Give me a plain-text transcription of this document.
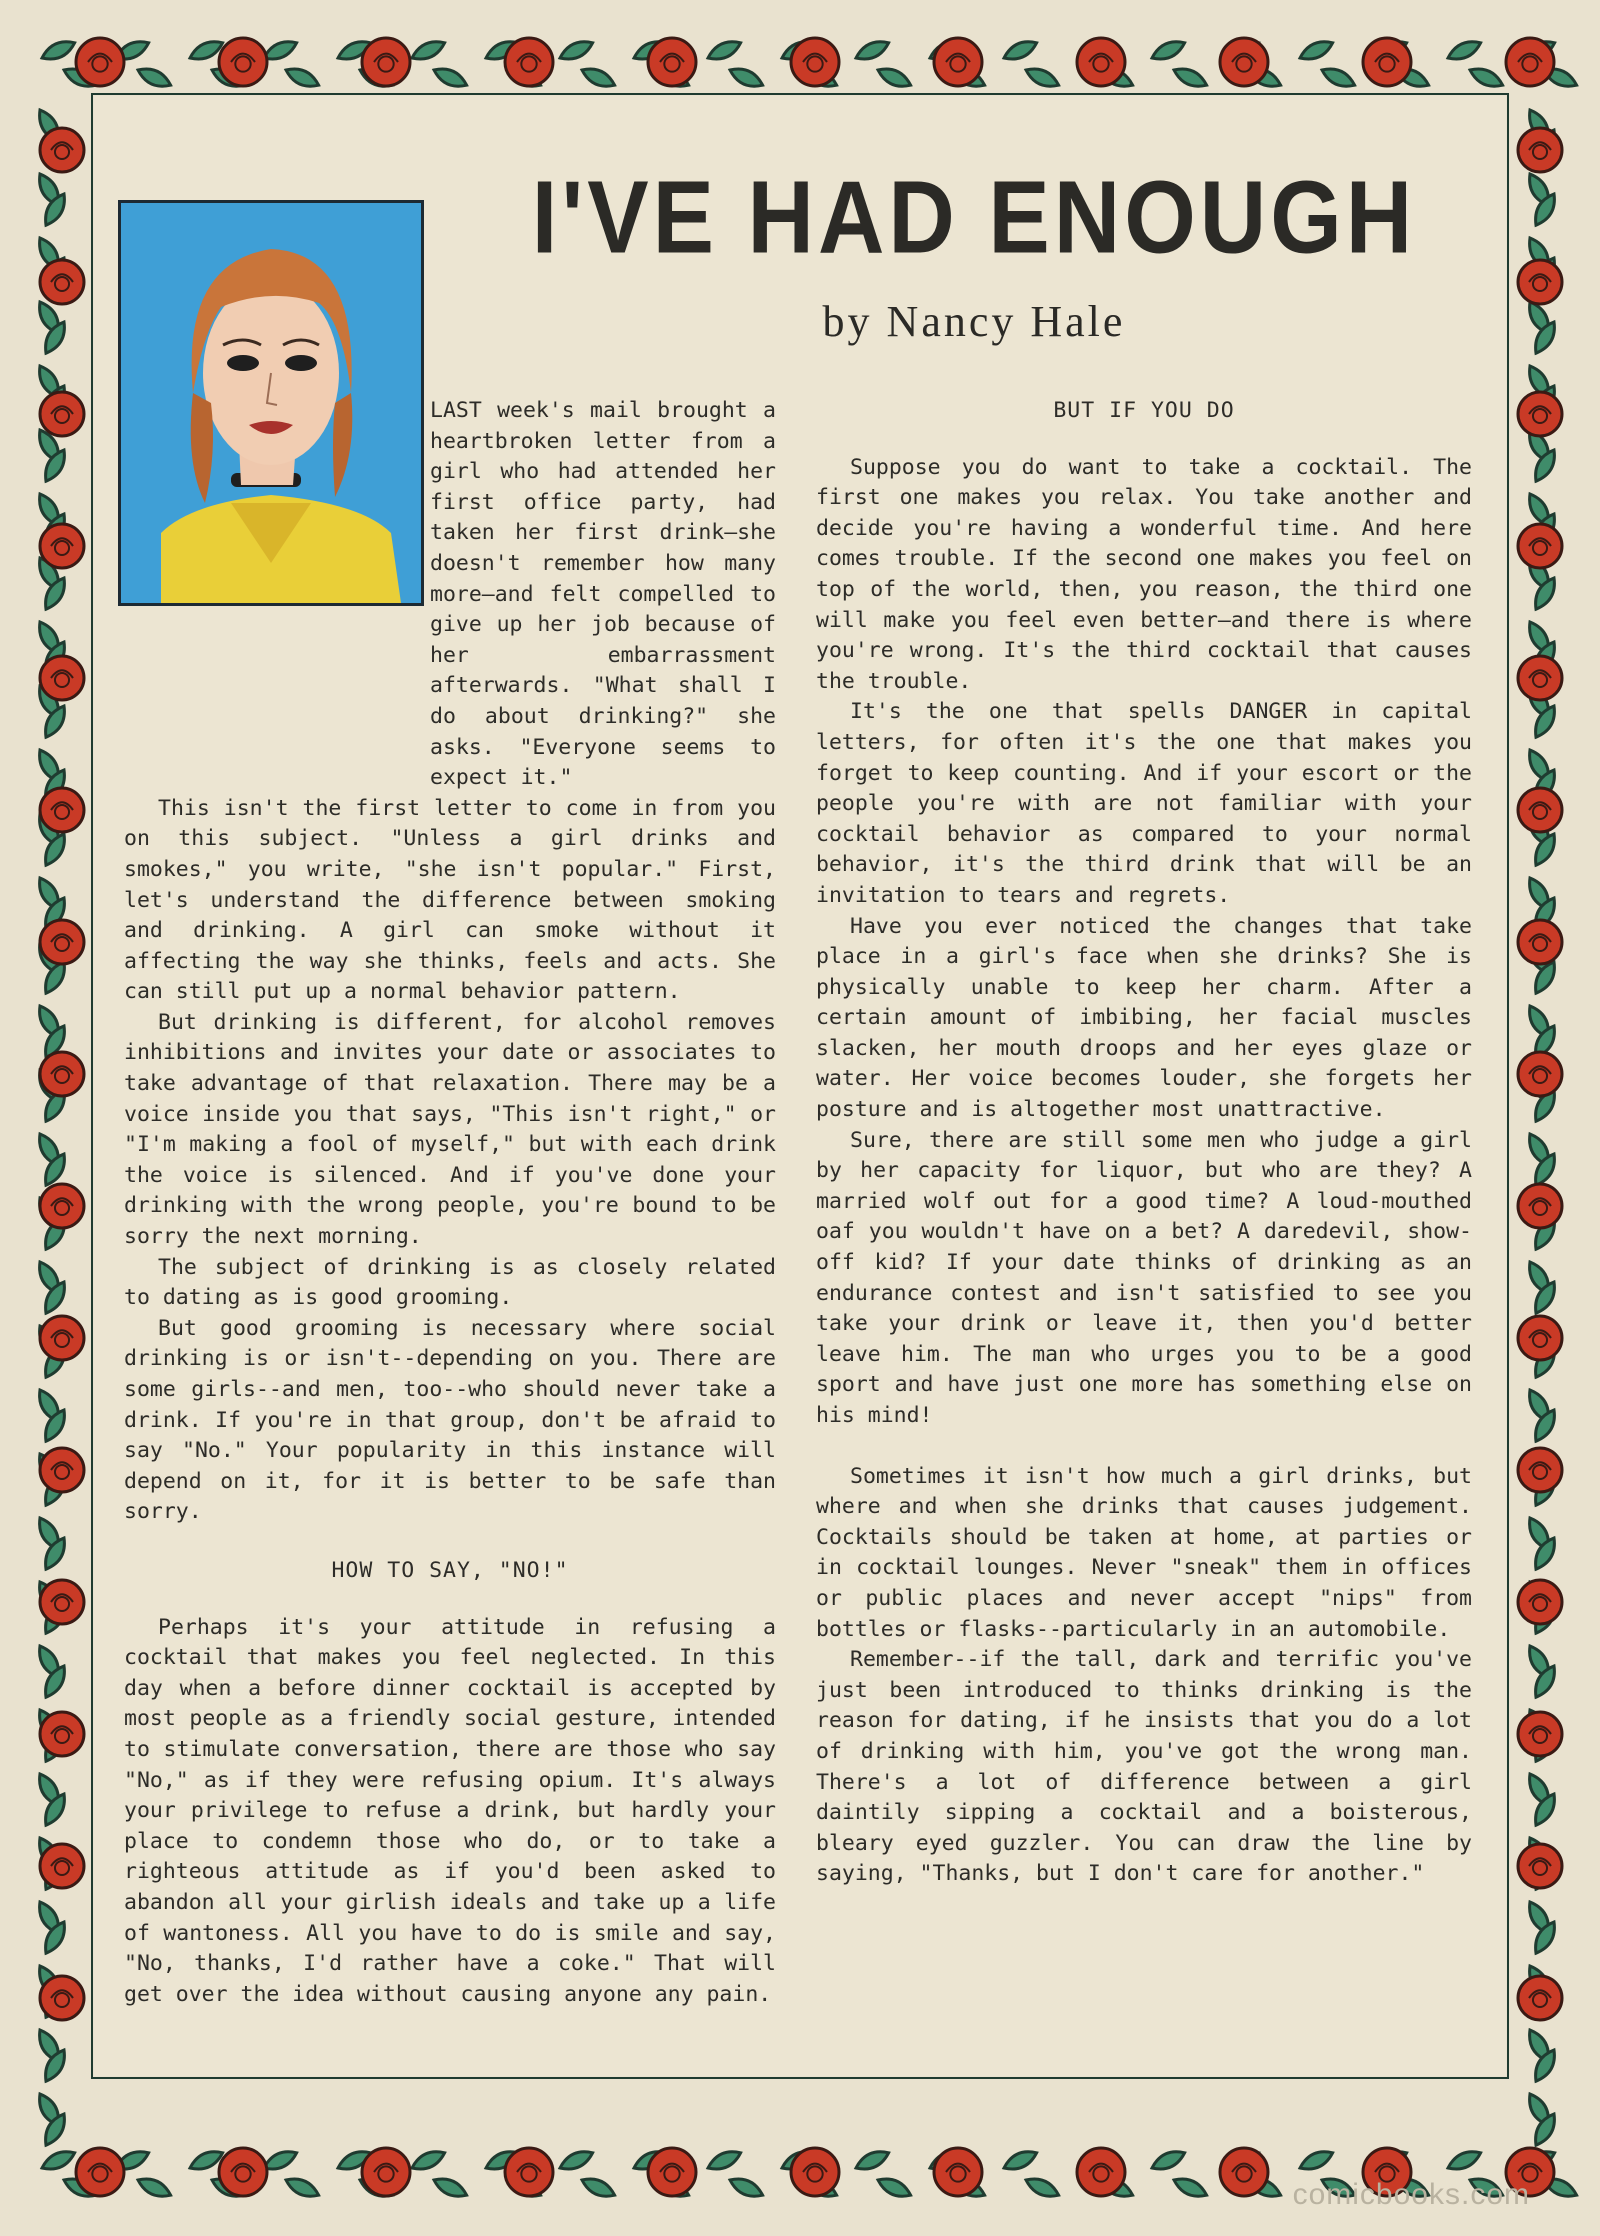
I'VE HAD ENOUGH
by Nancy Hale

LAST week's mail brought a heartbroken letter from a girl who had attended her first office party, had taken her first drink—she doesn't remember how many more—and felt compelled to give up her job because of her embarrassment afterwards. "What shall I do about drinking?" she asks. "Everyone seems to expect it."

This isn't the first letter to come in from you on this subject. "Unless a girl drinks and smokes," you write, "she isn't popular." First, let's understand the difference between smoking and drinking. A girl can smoke without it affecting the way she thinks, feels and acts. She can still put up a normal behavior pattern.

But drinking is different, for alcohol removes inhibitions and invites your date or associates to take advantage of that relaxation. There may be a voice inside you that says, "This isn't right," or "I'm making a fool of myself," but with each drink the voice is silenced. And if you've done your drinking with the wrong people, you're bound to be sorry the next morning.

The subject of drinking is as closely related to dating as is good grooming.

But good grooming is necessary where social drinking is or isn't--depending on you. There are some girls--and men, too--who should never take a drink. If you're in that group, don't be afraid to say "No." Your popularity in this instance will depend on it, for it is better to be safe than sorry.

HOW TO SAY, "NO!"

Perhaps it's your attitude in refusing a cocktail that makes you feel neglected. In this day when a before dinner cocktail is accepted by most people as a friendly social gesture, intended to stimulate conversation, there are those who say "No," as if they were refusing opium. It's always your privilege to refuse a drink, but hardly your place to condemn those who do, or to take a righteous attitude as if you'd been asked to abandon all your girlish ideals and take up a life of wantoness. All you have to do is smile and say, "No, thanks, I'd rather have a coke." That will get over the idea without causing anyone any pain.

BUT IF YOU DO

Suppose you do want to take a cocktail. The first one makes you relax. You take another and decide you're having a wonderful time. And here comes trouble. If the second one makes you feel on top of the world, then, you reason, the third one will make you feel even better—and there is where you're wrong. It's the third cocktail that causes the trouble.

It's the one that spells DANGER in capital letters, for often it's the one that makes you forget to keep counting. And if your escort or the people you're with are not familiar with your cocktail behavior as compared to your normal behavior, it's the third drink that will be an invitation to tears and regrets.

Have you ever noticed the changes that take place in a girl's face when she drinks? She is physically unable to keep her charm. After a certain amount of imbibing, her facial muscles slacken, her mouth droops and her eyes glaze or water. Her voice becomes louder, she forgets her posture and is altogether most unattractive.

Sure, there are still some men who judge a girl by her capacity for liquor, but who are they? A married wolf out for a good time? A loud-mouthed oaf you wouldn't have on a bet? A daredevil, show-off kid? If your date thinks of drinking as an endurance contest and isn't satisfied to see you take your drink or leave it, then you'd better leave him. The man who urges you to be a good sport and have just one more has something else on his mind!

Sometimes it isn't how much a girl drinks, but where and when she drinks that causes judgement. Cocktails should be taken at home, at parties or in cocktail lounges. Never "sneak" them in offices or public places and never accept "nips" from bottles or flasks--particularly in an automobile.

Remember--if the tall, dark and terrific you've just been introduced to thinks drinking is the reason for dating, if he insists that you do a lot of drinking with him, you've got the wrong man. There's a lot of difference between a girl daintily sipping a cocktail and a boisterous, bleary eyed guzzler. You can draw the line by saying, "Thanks, but I don't care for another."

comicbooks.com
